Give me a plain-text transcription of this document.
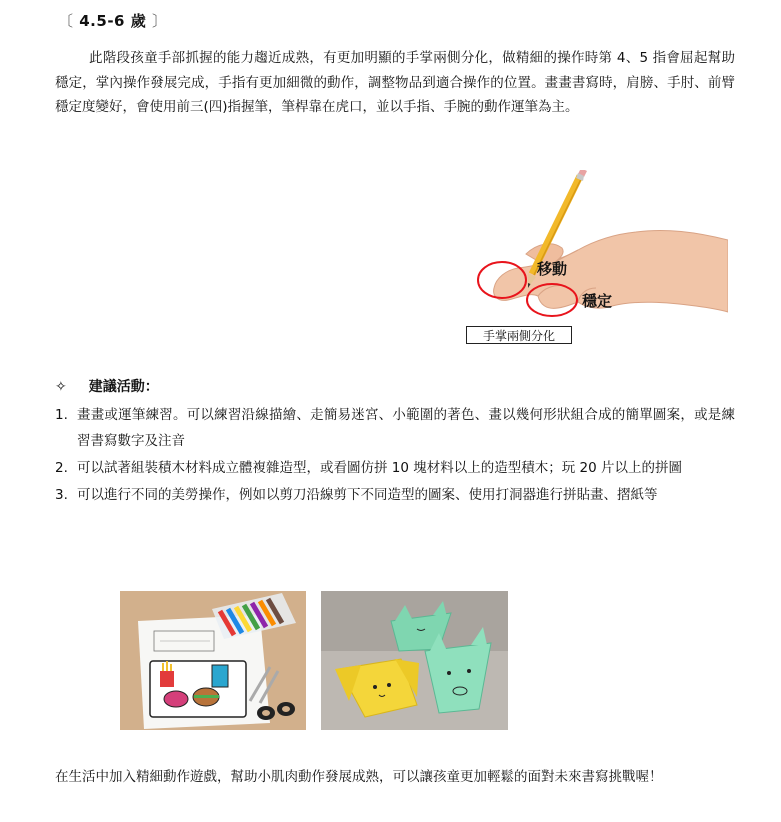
〔 4.5-6 歲 〕
此階段孩童手部抓握的能力趨近成熟，有更加明顯的手掌兩側分化，做精細的操作時第 4、5 指會屈起幫助穩定，掌內操作發展完成，手指有更加細微的動作，調整物品到適合操作的位置。畫畫書寫時，肩膀、手肘、前臂穩定度變好，會使用前三(四)指握筆，筆桿靠在虎口，並以手指、手腕的動作運筆為主。
移動
穩定
手掌兩側分化
✧ 建議活動：
1. 畫畫或運筆練習。可以練習沿線描繪、走簡易迷宮、小範圍的著色、畫以幾何形狀組合成的簡單圖案，或是練習書寫數字及注音
2. 可以試著組裝積木材料成立體複雜造型，或看圖仿拼 10 塊材料以上的造型積木；玩 20 片以上的拼圖
3. 可以進行不同的美勞操作，例如以剪刀沿線剪下不同造型的圖案、使用打洞器進行拼貼畫、摺紙等
在生活中加入精細動作遊戲，幫助小肌肉動作發展成熟，可以讓孩童更加輕鬆的面對未來書寫挑戰喔！
